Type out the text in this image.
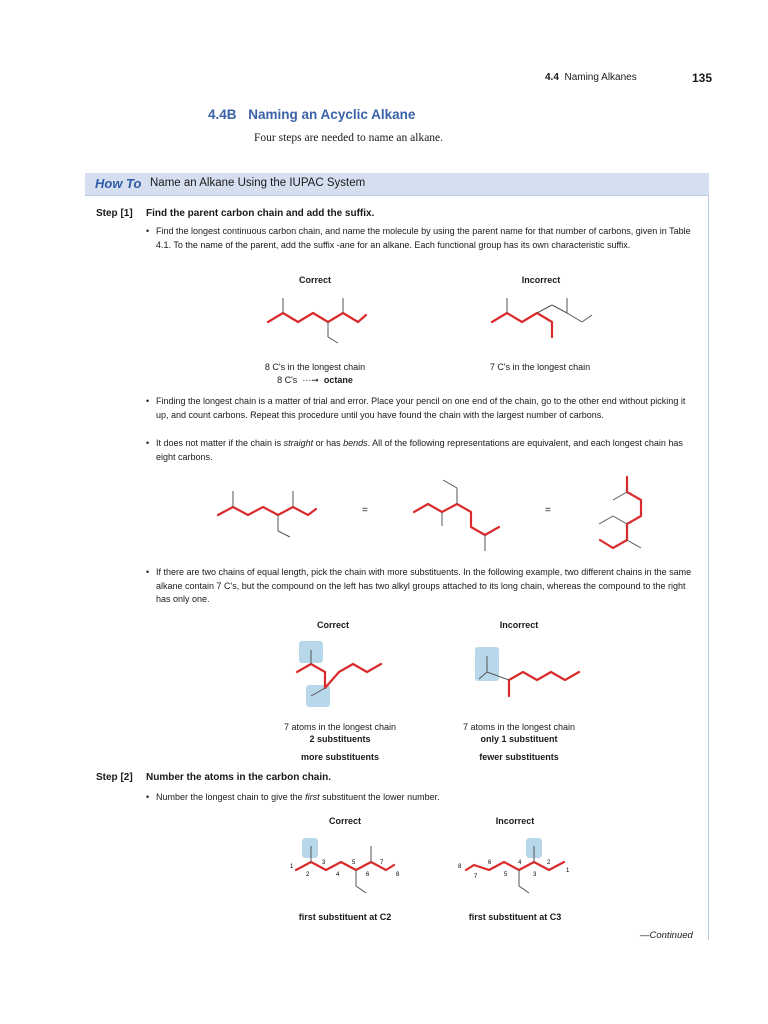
4.4 Naming Alkanes	135
4.4B Naming an Acyclic Alkane
Four steps are needed to name an alkane.
How To Name an Alkane Using the IUPAC System
Step [1] Find the parent carbon chain and add the suffix.
• Find the longest continuous carbon chain, and name the molecule by using the parent name for that number of carbons, given in Table 4.1. To the name of the parent, add the suffix -ane for an alkane. Each functional group has its own characteristic suffix.
Correct	Incorrect
8 C's in the longest chain
8 C's  ···➞  octane
7 C's in the longest chain
• Finding the longest chain is a matter of trial and error. Place your pencil on one end of the chain, go to the other end without picking it up, and count carbons. Repeat this procedure until you have found the chain with the largest number of carbons.
• It does not matter if the chain is straight or has bends. All of the following representations are equivalent, and each longest chain has eight carbons.
=	=
• If there are two chains of equal length, pick the chain with more substituents. In the following example, two different chains in the same alkane contain 7 C's, but the compound on the left has two alkyl groups attached to its long chain, whereas the compound to the right has only one.
Correct	Incorrect
7 atoms in the longest chain
2 substituents
more substituents
7 atoms in the longest chain
only 1 substituent
fewer substituents
Step [2] Number the atoms in the carbon chain.
• Number the longest chain to give the first substituent the lower number.
Correct	Incorrect
1
2
3
4
5
6
7
8
8
7
6
5
4
3
2
1
first substituent at C2	first substituent at C3
—Continued
